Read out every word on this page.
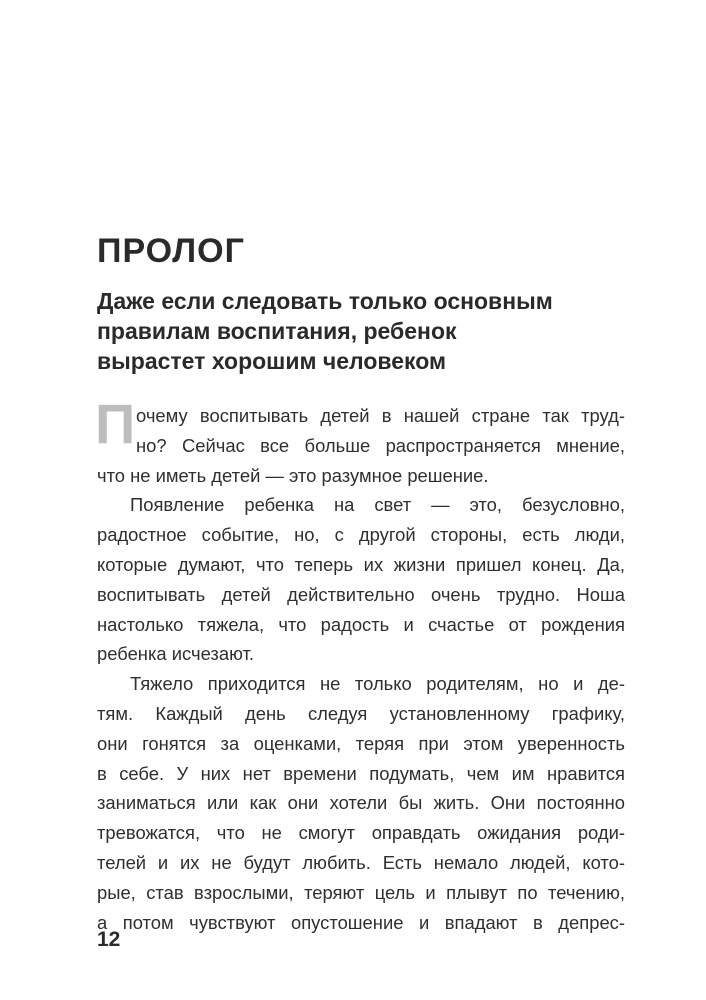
ПРОЛОГ
Даже если следовать только основным
правилам воспитания, ребенок
вырастет хорошим человеком
П очему воспитывать детей в нашей стране так труд-
но? Сейчас все больше распространяется мнение,
что не иметь детей — это разумное решение.
Появление ребенка на свет — это, безусловно,
радостное событие, но, с другой стороны, есть люди,
которые думают, что теперь их жизни пришел конец. Да,
воспитывать детей действительно очень трудно. Ноша
настолько тяжела, что радость и счастье от рождения
ребенка исчезают.
Тяжело приходится не только родителям, но и де-
тям. Каждый день следуя установленному графику,
они гонятся за оценками, теряя при этом уверенность
в себе. У них нет времени подумать, чем им нравится
заниматься или как они хотели бы жить. Они постоянно
тревожатся, что не смогут оправдать ожидания роди-
телей и их не будут любить. Есть немало людей, кото-
рые, став взрослыми, теряют цель и плывут по течению,
а потом чувствуют опустошение и впадают в депрес-
12
